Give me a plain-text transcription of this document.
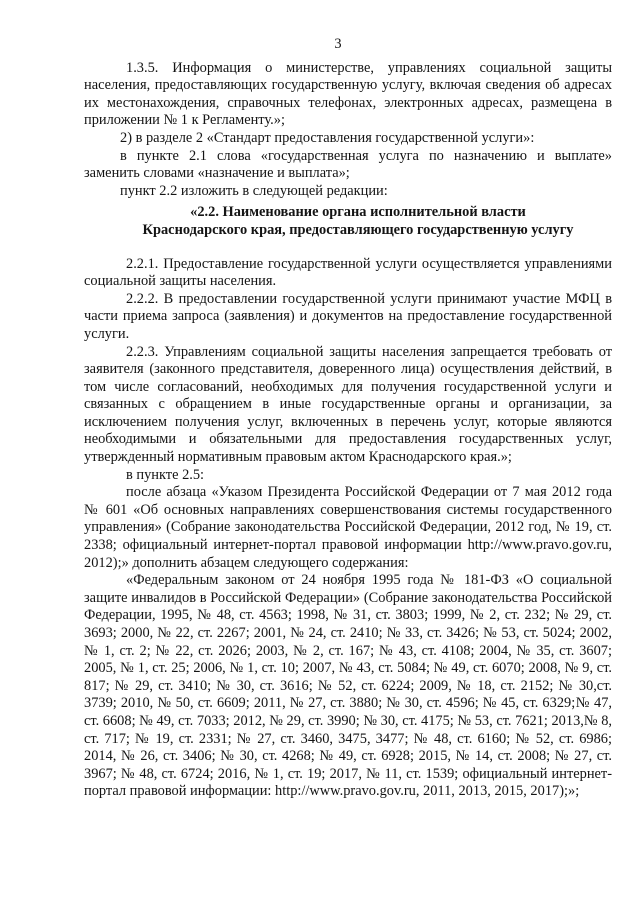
3

1.3.5. Информация о министерстве, управлениях социальной защиты населения, предоставляющих государственную услугу, включая сведения об адресах их местонахождения, справочных телефонах, электронных адресах, размещена в приложении № 1 к Регламенту.»;

2) в разделе 2 «Стандарт предоставления государственной услуги»:

в пункте 2.1 слова «государственная услуга по назначению и выплате» заменить словами «назначение и выплата»;

пункт 2.2 изложить в следующей редакции:

«2.2. Наименование органа исполнительной власти
Краснодарского края, предоставляющего государственную услугу

2.2.1. Предоставление государственной услуги осуществляется управлениями социальной защиты населения.

2.2.2. В предоставлении государственной услуги принимают участие МФЦ в части приема запроса (заявления) и документов на предоставление государственной услуги.

2.2.3. Управлениям социальной защиты населения запрещается требовать от заявителя (законного представителя, доверенного лица) осуществления действий, в том числе согласований, необходимых для получения государственной услуги и связанных с обращением в иные государственные органы и организации, за исключением получения услуг, включенных в перечень услуг, которые являются необходимыми и обязательными для предоставления государственных услуг, утвержденный нормативным правовым актом Краснодарского края.»;

в пункте 2.5:

после абзаца «Указом Президента Российской Федерации от 7 мая 2012 года № 601 «Об основных направлениях совершенствования системы государственного управления» (Собрание законодательства Российской Федерации, 2012 год, № 19, ст. 2338; официальный интернет-портал правовой информации http://www.pravo.gov.ru, 2012);» дополнить абзацем следующего содержания:

«Федеральным законом от 24 ноября 1995 года № 181-ФЗ «О социальной защите инвалидов в Российской Федерации» (Собрание законодательства Российской Федерации, 1995, № 48, ст. 4563; 1998, № 31, ст. 3803; 1999, № 2, ст. 232; № 29, ст. 3693; 2000, № 22, ст. 2267; 2001, № 24, ст. 2410; № 33, ст. 3426; № 53, ст. 5024; 2002, № 1, ст. 2; № 22, ст. 2026; 2003, № 2, ст. 167; № 43, ст. 4108; 2004, № 35, ст. 3607; 2005, № 1, ст. 25; 2006, № 1, ст. 10; 2007, № 43, ст. 5084; № 49, ст. 6070; 2008, № 9, ст. 817; № 29, ст. 3410; № 30, ст. 3616; № 52, ст. 6224; 2009, № 18, ст. 2152; № 30,ст. 3739; 2010, № 50, ст. 6609; 2011, № 27, ст. 3880; № 30, ст. 4596; № 45, ст. 6329;№ 47, ст. 6608; № 49, ст. 7033; 2012, № 29, ст. 3990; № 30, ст. 4175; № 53, ст. 7621; 2013,№ 8, ст. 717; № 19, ст. 2331; № 27, ст. 3460, 3475, 3477; № 48, ст. 6160; № 52, ст. 6986; 2014, № 26, ст. 3406; № 30, ст. 4268; № 49, ст. 6928; 2015, № 14, ст. 2008; № 27, ст. 3967; № 48, ст. 6724; 2016, № 1, ст. 19; 2017, № 11, ст. 1539; официальный интернет-портал правовой информации: http://www.pravo.gov.ru, 2011, 2013, 2015, 2017);»;
